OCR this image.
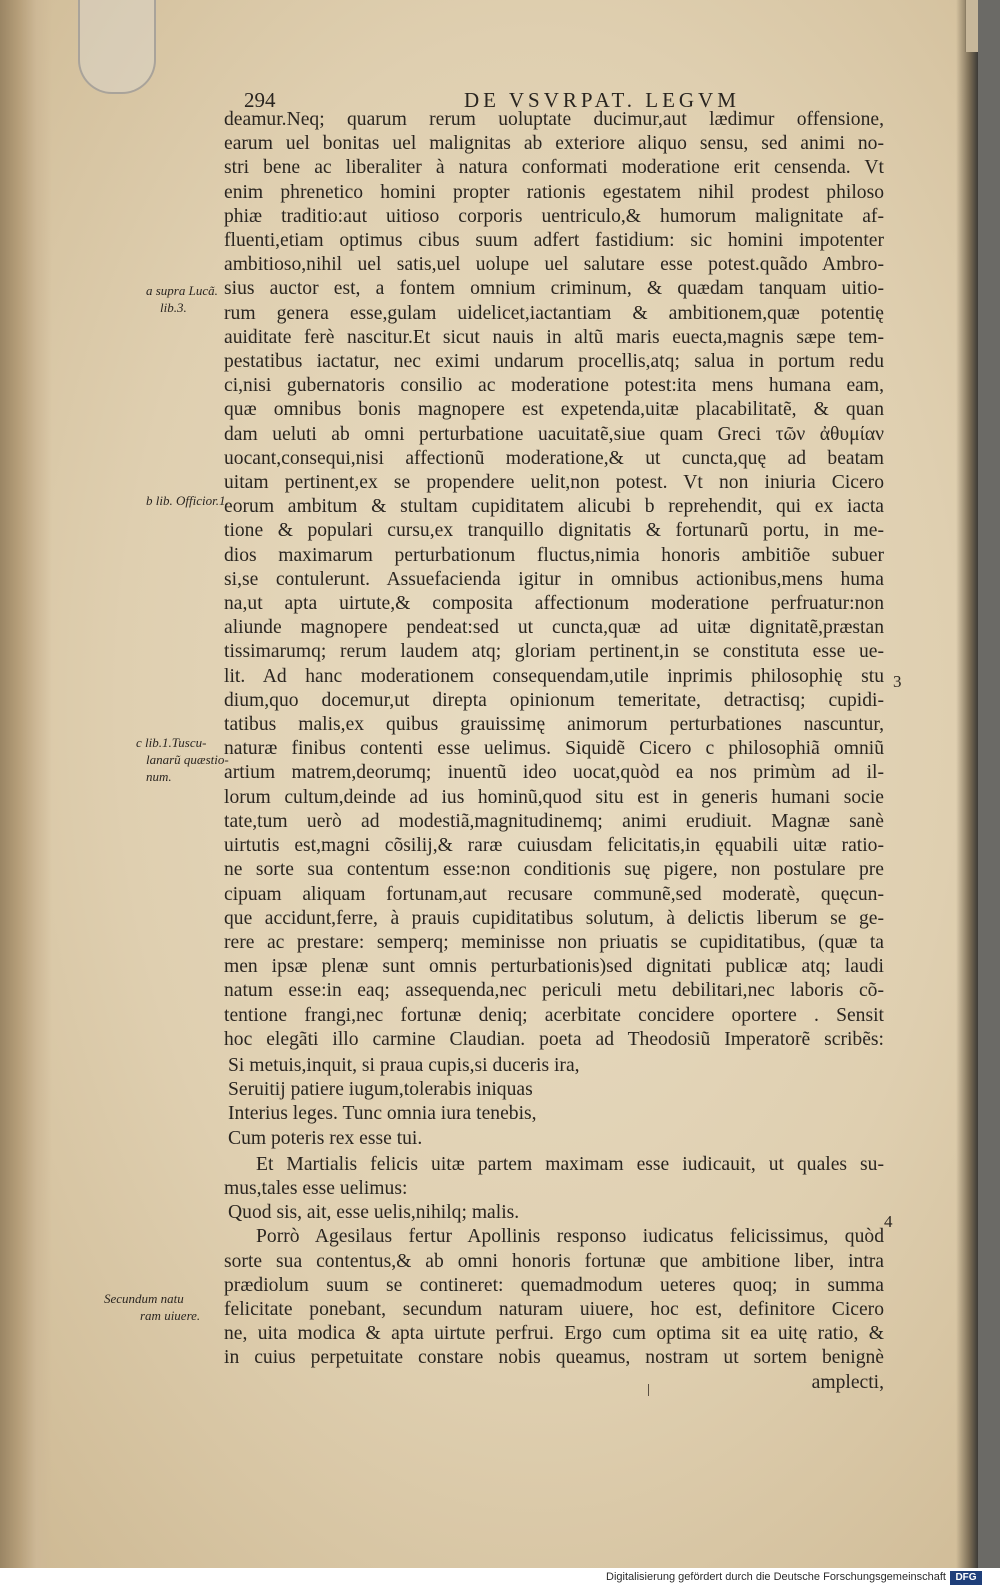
294	DE VSVRPAT. LEGVM
deamur.Neq; quarum rerum uoluptate ducimur,aut lædimur offensione,
earum uel bonitas uel malignitas ab exteriore aliquo sensu, sed animi no-
stri bene ac liberaliter à natura conformati moderatione erit censenda. Vt
enim phrenetico homini propter rationis egestatem nihil prodest philoso
phiæ traditio:aut uitioso corporis uentriculo,& humorum malignitate af-
fluenti,etiam optimus cibus suum adfert fastidium: sic homini impotenter
ambitioso,nihil uel satis,uel uolupe uel salutare esse potest.quãdo Ambro-
sius auctor est, a fontem omnium criminum, & quædam tanquam uitio-
rum genera esse,gulam uidelicet,iactantiam & ambitionem,quæ potentię
auiditate ferè nascitur.Et sicut nauis in altũ maris euecta,magnis sæpe tem-
pestatibus iactatur, nec eximi undarum procellis,atq; salua in portum redu
ci,nisi gubernatoris consilio ac moderatione potest:ita mens humana eam,
quæ omnibus bonis magnopere est expetenda,uitæ placabilitatẽ, & quan
dam ueluti ab omni perturbatione uacuitatẽ,siue quam Greci τῶν ἀθυμίαν
uocant,consequi,nisi affectionũ moderatione,& ut cuncta,quę ad beatam
uitam pertinent,ex se propendere uelit,non potest. Vt non iniuria Cicero
eorum ambitum & stultam cupiditatem alicubi b reprehendit, qui ex iacta
tione & populari cursu,ex tranquillo dignitatis & fortunarũ portu, in me-
dios maximarum perturbationum fluctus,nimia honoris ambitiõe subuer
si,se contulerunt. Assuefacienda igitur in omnibus actionibus,mens huma
na,ut apta uirtute,& composita affectionum moderatione perfruatur:non
aliunde magnopere pendeat:sed ut cuncta,quæ ad uitæ dignitatẽ,præstan
tissimarumq; rerum laudem atq; gloriam pertinent,in se constituta esse ue-
lit. Ad hanc moderationem consequendam,utile inprimis philosophię stu
dium,quo docemur,ut direpta opinionum temeritate, detractisq; cupidi-
tatibus malis,ex quibus grauissimę animorum perturbationes nascuntur,
naturæ finibus contenti esse uelimus. Siquidẽ Cicero c philosophiã omniũ
artium matrem,deorumq; inuentũ ideo uocat,quòd ea nos primùm ad il-
lorum cultum,deinde ad ius hominũ,quod situ est in generis humani socie
tate,tum uerò ad modestiã,magnitudinemq; animi erudiuit. Magnæ sanè
uirtutis est,magni cõsilij,& raræ cuiusdam felicitatis,in ęquabili uitæ ratio-
ne sorte sua contentum esse:non conditionis suę pigere, non postulare pre
cipuam aliquam fortunam,aut recusare communẽ,sed moderatè, quęcun-
que accidunt,ferre, à prauis cupiditatibus solutum, à delictis liberum se ge-
rere ac prestare: semperq; meminisse non priuatis se cupiditatibus, (quæ ta
men ipsæ plenæ sunt omnis perturbationis)sed dignitati publicæ atq; laudi
natum esse:in eaq; assequenda,nec periculi metu debilitari,nec laboris cõ-
tentione frangi,nec fortunæ deniq; acerbitate concidere oportere . Sensit
hoc elegãti illo carmine Claudian. poeta ad Theodosiũ Imperatorẽ scribẽs:
Si metuis,inquit, si praua cupis,si duceris ira,
Seruitij patiere iugum,tolerabis iniquas
Interius leges. Tunc omnia iura tenebis,
Cum poteris rex esse tui.
Et Martialis felicis uitæ partem maximam esse iudicauit, ut quales su-
mus,tales esse uelimus:
Quod sis, ait, esse uelis,nihilq; malis.
Porrò Agesilaus fertur Apollinis responso iudicatus felicissimus, quòd
sorte sua contentus,& ab omni honoris fortunæ que ambitione liber, intra
prædiolum suum se contineret: quemadmodum ueteres quoq; in summa
felicitate ponebant, secundum naturam uiuere, hoc est, definitore Cicero
ne, uita modica & apta uirtute perfrui. Ergo cum optima sit ea uitę ratio, &
in cuius perpetuitate constare nobis queamus, nostram ut sortem benignè
amplecti,
a supra Lucã.
lib.3.
b lib. Officior.1.
c lib.1.Tuscu-
lanarũ quæstio-
num.
Secundum natu
ram uiuere.
3
4
Digitalisierung gefördert durch die Deutsche Forschungsgemeinschaft DFG
